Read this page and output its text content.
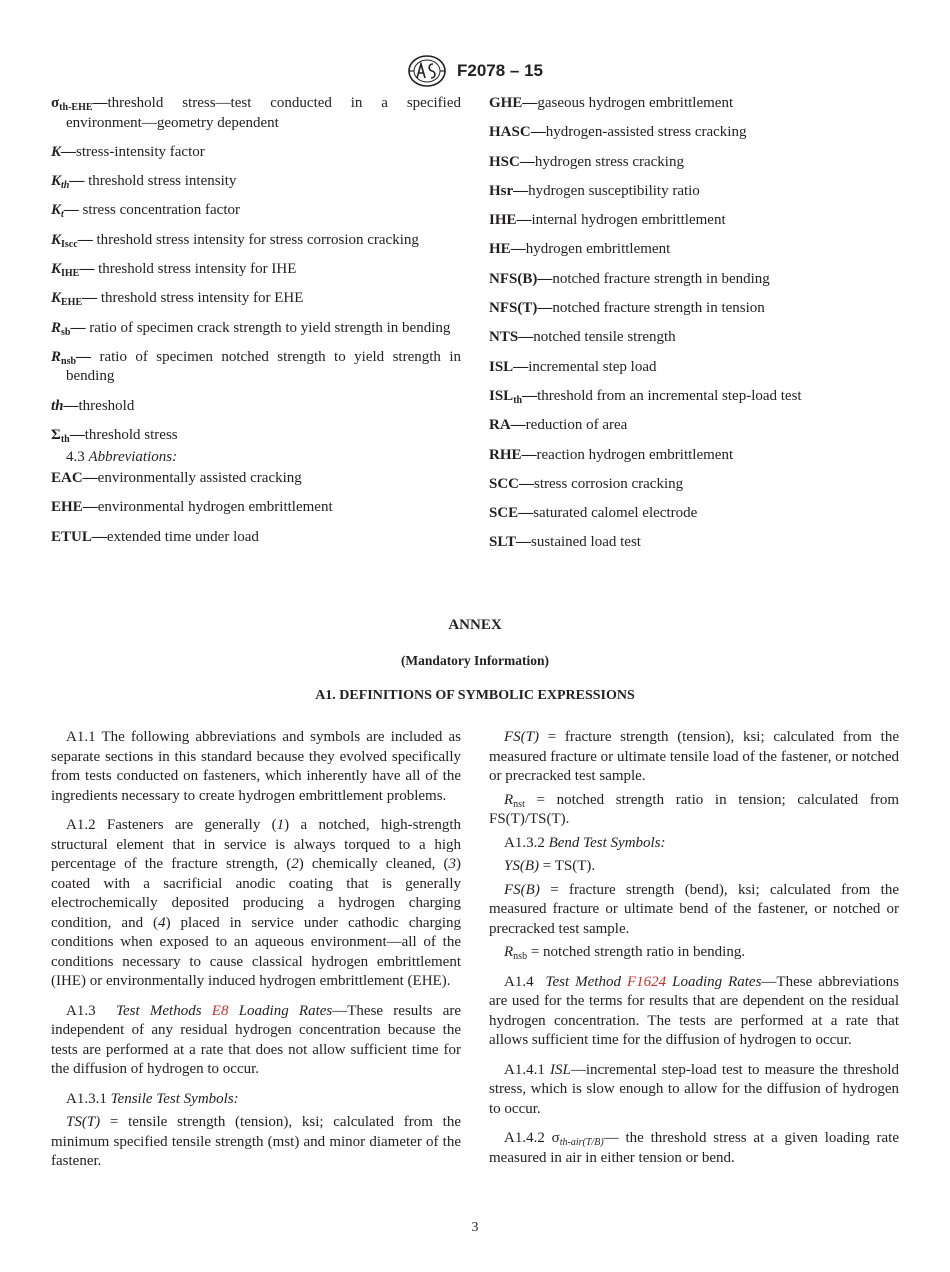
F2078 – 15
$\sigma_{th-EHE}—threshold$ stress—test conducted in a specified environment—geometry dependent
K—stress-intensity factor
$K_{th}—$ threshold stress intensity
$K_t—$ stress concentration factor
$K_{Iscc}—$ threshold stress intensity for stress corrosion cracking
$K_{IHE}—$ threshold stress intensity for IHE
$K_{EHE}—$ threshold stress intensity for EHE
$R_{sb}—$ ratio of specimen crack strength to yield strength in bending
$R_{nsb}—$ ratio of specimen notched strength to yield strength in bending
th—threshold
$\Sigma_{th}—threshold$ stress
4.3 Abbreviations:
EAC—environmentally assisted cracking
EHE—environmental hydrogen embrittlement
ETUL—extended time under load
GHE—gaseous hydrogen embrittlement
HASC—hydrogen-assisted stress cracking
HSC—hydrogen stress cracking
Hsr—hydrogen susceptibility ratio
IHE—internal hydrogen embrittlement
HE—hydrogen embrittlement
NFS(B)—notched fracture strength in bending
NFS(T)—notched fracture strength in tension
NTS—notched tensile strength
ISL—incremental step load
$ISL_{th}—threshold$ from an incremental step-load test
RA—reduction of area
RHE—reaction hydrogen embrittlement
SCC—stress corrosion cracking
SCE—saturated calomel electrode
SLT—sustained load test
ANNEX
(Mandatory Information)
A1. DEFINITIONS OF SYMBOLIC EXPRESSIONS

A1.1 The following abbreviations and symbols are included as separate sections in this standard because they evolved specifically from tests conducted on fasteners, which inherently have all of the ingredients necessary to create hydrogen embrittlement problems.

A1.2 Fasteners are generally (1) a notched, high-strength structural element that in service is always torqued to a high percentage of the fracture strength, (2) chemically cleaned, (3) coated with a sacrificial anodic coating that is generally electrochemically deposited producing a hydrogen charging condition, and (4) placed in service under cathodic charging conditions when exposed to an aqueous environment—all of the conditions necessary to cause classical hydrogen embrittlement (IHE) or environmentally induced hydrogen embrittlement (EHE).

A1.3 Test Methods E8 Loading Rates—These results are independent of any residual hydrogen concentration because the tests are performed at a rate that does not allow sufficient time for the diffusion of hydrogen to occur.

A1.3.1 Tensile Test Symbols:

TS(T) = tensile strength (tension), ksi; calculated from the minimum specified tensile strength (mst) and minor diameter of the fastener.

FS(T) = fracture strength (tension), ksi; calculated from the measured fracture or ultimate tensile load of the fastener, or notched or precracked test sample.

$R_{nst}$ = notched strength ratio in tension; calculated from FS(T)/TS(T).

A1.3.2 Bend Test Symbols:

YS(B) = TS(T).

FS(B) = fracture strength (bend), ksi; calculated from the measured fracture or ultimate bend of the fastener, or notched or precracked test sample.

$R_{nsb}$ = notched strength ratio in bending.

A1.4 Test Method F1624 Loading Rates—These abbreviations are used for the terms for results that are dependent on the residual hydrogen concentration. The tests are performed at a rate that allows sufficient time for the diffusion of hydrogen to occur.

A1.4.1 ISL—incremental step-load test to measure the threshold stress, which is slow enough to allow for the diffusion of hydrogen to occur.

A1.4.2 $\sigma_{th-air(T/B)}—$ the threshold stress at a given loading rate measured in air in either tension or bend.

3
